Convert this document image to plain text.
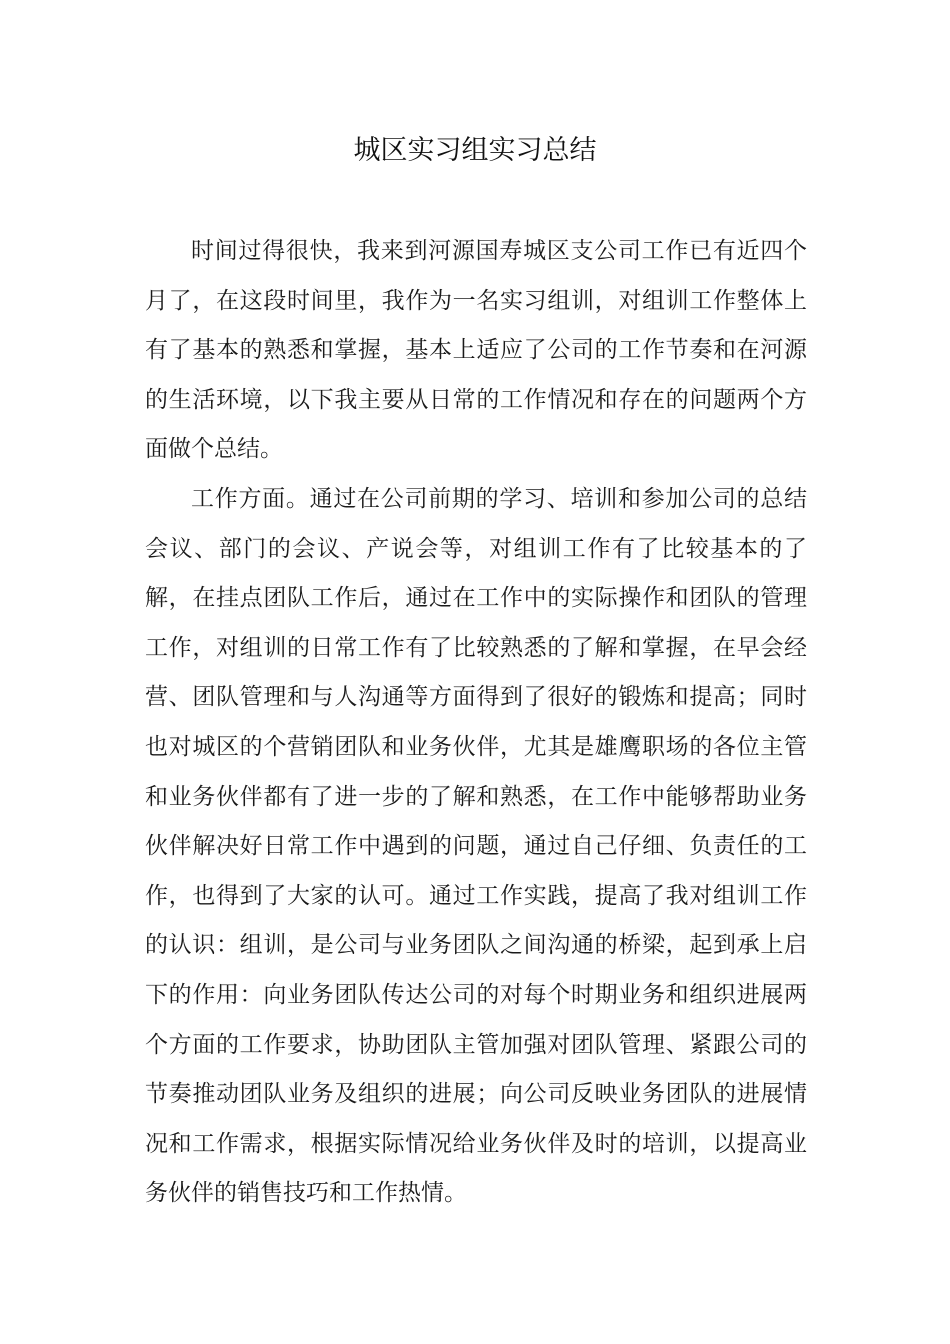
城区实习组实习总结

时间过得很快，我来到河源国寿城区支公司工作已有近四个月了，在这段时间里，我作为一名实习组训，对组训工作整体上有了基本的熟悉和掌握，基本上适应了公司的工作节奏和在河源的生活环境，以下我主要从日常的工作情况和存在的问题两个方面做个总结。

工作方面。通过在公司前期的学习、培训和参加公司的总结会议、部门的会议、产说会等，对组训工作有了比较基本的了解，在挂点团队工作后，通过在工作中的实际操作和团队的管理工作，对组训的日常工作有了比较熟悉的了解和掌握，在早会经营、团队管理和与人沟通等方面得到了很好的锻炼和提高；同时也对城区的个营销团队和业务伙伴，尤其是雄鹰职场的各位主管和业务伙伴都有了进一步的了解和熟悉，在工作中能够帮助业务伙伴解决好日常工作中遇到的问题，通过自己仔细、负责任的工作，也得到了大家的认可。通过工作实践，提高了我对组训工作的认识：组训，是公司与业务团队之间沟通的桥梁，起到承上启下的作用：向业务团队传达公司的对每个时期业务和组织进展两个方面的工作要求，协助团队主管加强对团队管理、紧跟公司的节奏推动团队业务及组织的进展；向公司反映业务团队的进展情况和工作需求，根据实际情况给业务伙伴及时的培训，以提高业务伙伴的销售技巧和工作热情。
